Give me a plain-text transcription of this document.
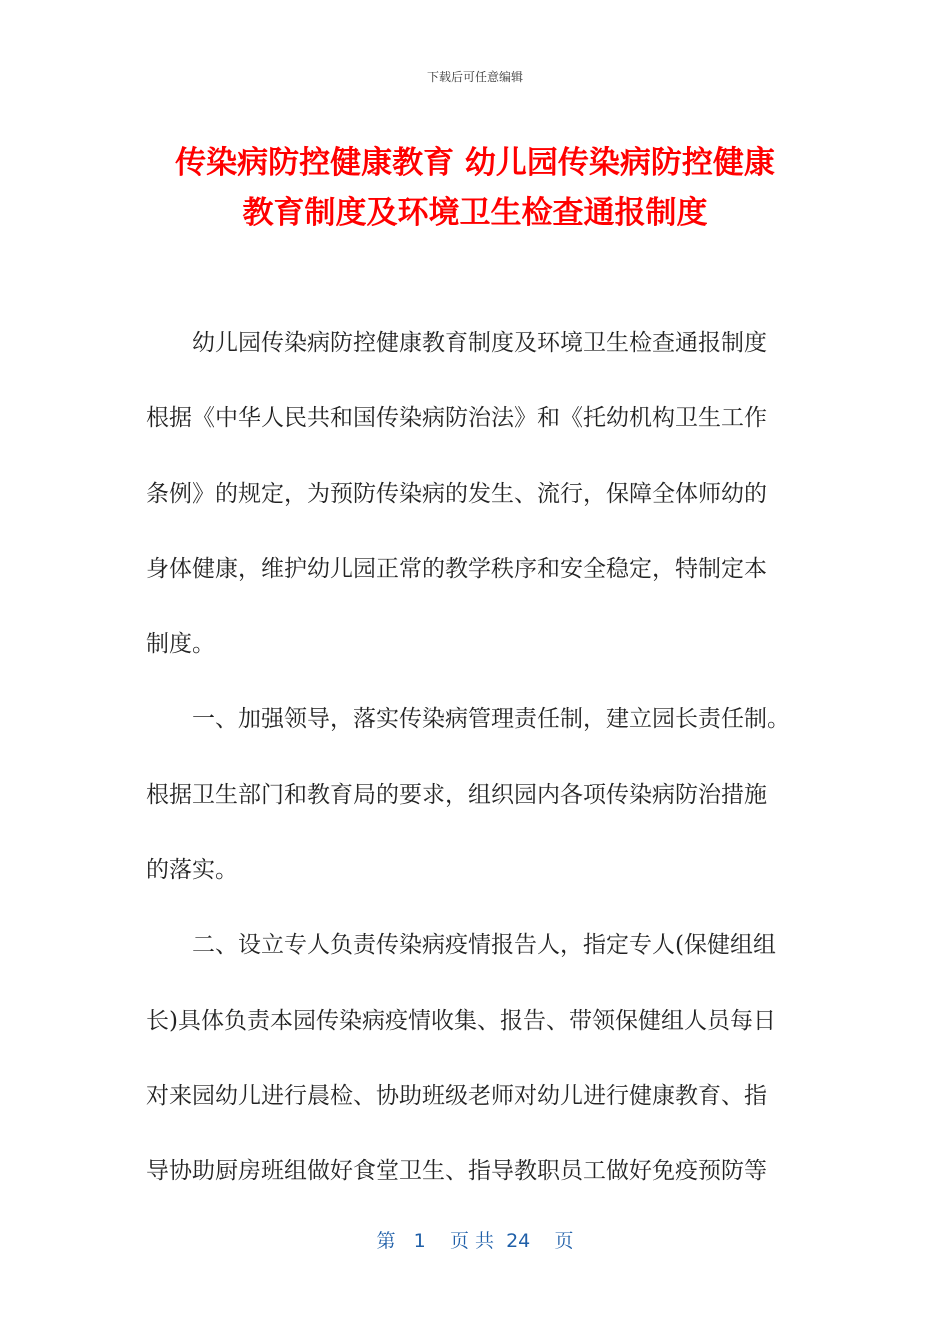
下载后可任意编辑
传染病防控健康教育 幼儿园传染病防控健康
教育制度及环境卫生检查通报制度
幼儿园传染病防控健康教育制度及环境卫生检查通报制度
根据《中华人民共和国传染病防治法》和《托幼机构卫生工作
条例》的规定，为预防传染病的发生、流行，保障全体师幼的
身体健康，维护幼儿园正常的教学秩序和安全稳定，特制定本
制度。
一、加强领导，落实传染病管理责任制，建立园长责任制。
根据卫生部门和教育局的要求，组织园内各项传染病防治措施
的落实。
二、设立专人负责传染病疫情报告人，指定专人(保健组组
长)具体负责本园传染病疫情收集、报告、带领保健组人员每日
对来园幼儿进行晨检、协助班级老师对幼儿进行健康教育、指
导协助厨房班组做好食堂卫生、指导教职员工做好免疫预防等
第 1 页 共 24 页
